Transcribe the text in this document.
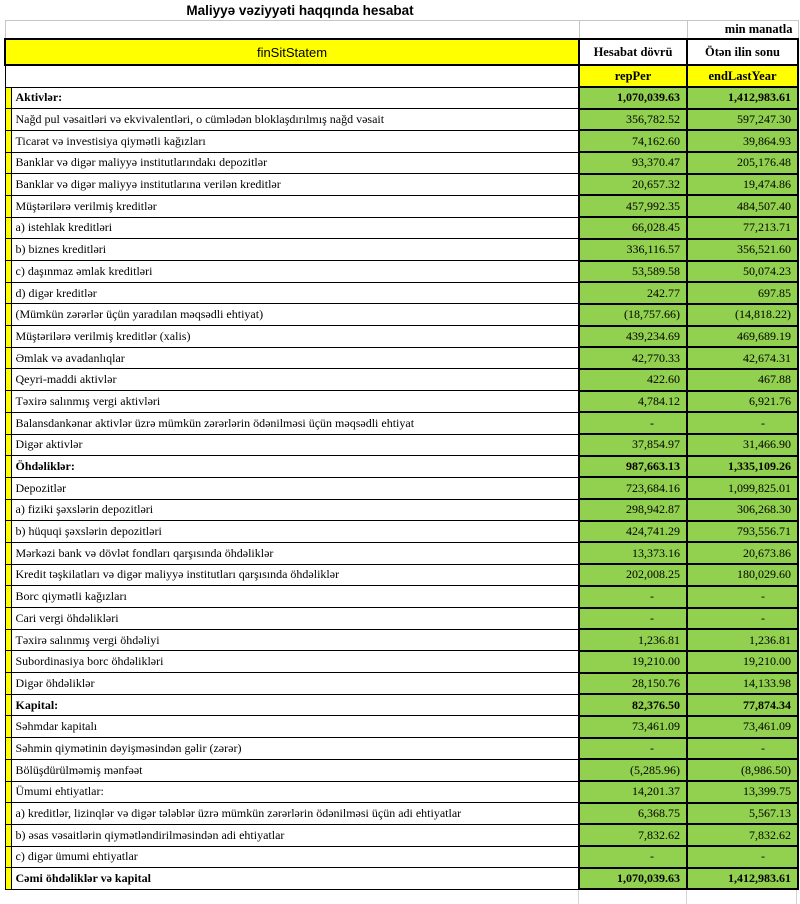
Maliyyə vəziyyəti haqqında hesabat
			min manatla
finSitStatem		Hesabat dövrü	Ötən ilin sonu
		repPer	endLastYear
	Aktivlər:	1,070,039.63	1,412,983.61
	Nağd pul vəsaitləri və ekvivalentləri, o cümlədən bloklaşdırılmış nağd vəsait	356,782.52	597,247.30
	Ticarət və investisiya qiymətli kağızları	74,162.60	39,864.93
	Banklar və digər maliyyə institutlarındakı depozitlər	93,370.47	205,176.48
	Banklar və digər maliyyə institutlarına verilən kreditlər	20,657.32	19,474.86
	Müştərilərə verilmiş kreditlər	457,992.35	484,507.40
	a) istehlak kreditləri	66,028.45	77,213.71
	b) biznes kreditləri	336,116.57	356,521.60
	c) daşınmaz əmlak kreditləri	53,589.58	50,074.23
	d) digər kreditlər	242.77	697.85
	(Mümkün zərərlər üçün yaradılan məqsədli ehtiyat)	(18,757.66)	(14,818.22)
	Müştərilərə verilmiş kreditlər (xalis)	439,234.69	469,689.19
	Əmlak və avadanlıqlar	42,770.33	42,674.31
	Qeyri-maddi aktivlər	422.60	467.88
	Təxirə salınmış vergi aktivləri	4,784.12	6,921.76
	Balansdankənar aktivlər üzrə mümkün zərərlərin ödənilməsi üçün məqsədli ehtiyat	-	-
	Digər aktivlər	37,854.97	31,466.90
	Öhdəliklər:	987,663.13	1,335,109.26
	Depozitlər	723,684.16	1,099,825.01
	a) fiziki şəxslərin depozitləri	298,942.87	306,268.30
	b) hüquqi şəxslərin depozitləri	424,741.29	793,556.71
	Mərkəzi bank və dövlət fondları qarşısında öhdəliklər	13,373.16	20,673.86
	Kredit təşkilatları və digər maliyyə institutları qarşısında öhdəliklər	202,008.25	180,029.60
	Borc qiymətli kağızları	-	-
	Cari vergi öhdəlikləri	-	-
	Təxirə salınmış vergi öhdəliyi	1,236.81	1,236.81
	Subordinasiya borc öhdəlikləri	19,210.00	19,210.00
	Digər öhdəliklər	28,150.76	14,133.98
	Kapital:	82,376.50	77,874.34
	Səhmdar kapitalı	73,461.09	73,461.09
	Səhmin qiymətinin dəyişməsindən gəlir (zərər)	-	-
	Bölüşdürülməmiş mənfəət	(5,285.96)	(8,986.50)
	Ümumi ehtiyatlar:	14,201.37	13,399.75
	a) kreditlər, lizinqlər və digər tələblər üzrə mümkün zərərlərin ödənilməsi üçün adi ehtiyatlar	6,368.75	5,567.13
	b) əsas vəsaitlərin qiymətləndirilməsindən adi ehtiyatlar	7,832.62	7,832.62
	c) digər ümumi ehtiyatlar	-	-
	Cəmi öhdəliklər və kapital	1,070,039.63	1,412,983.61
